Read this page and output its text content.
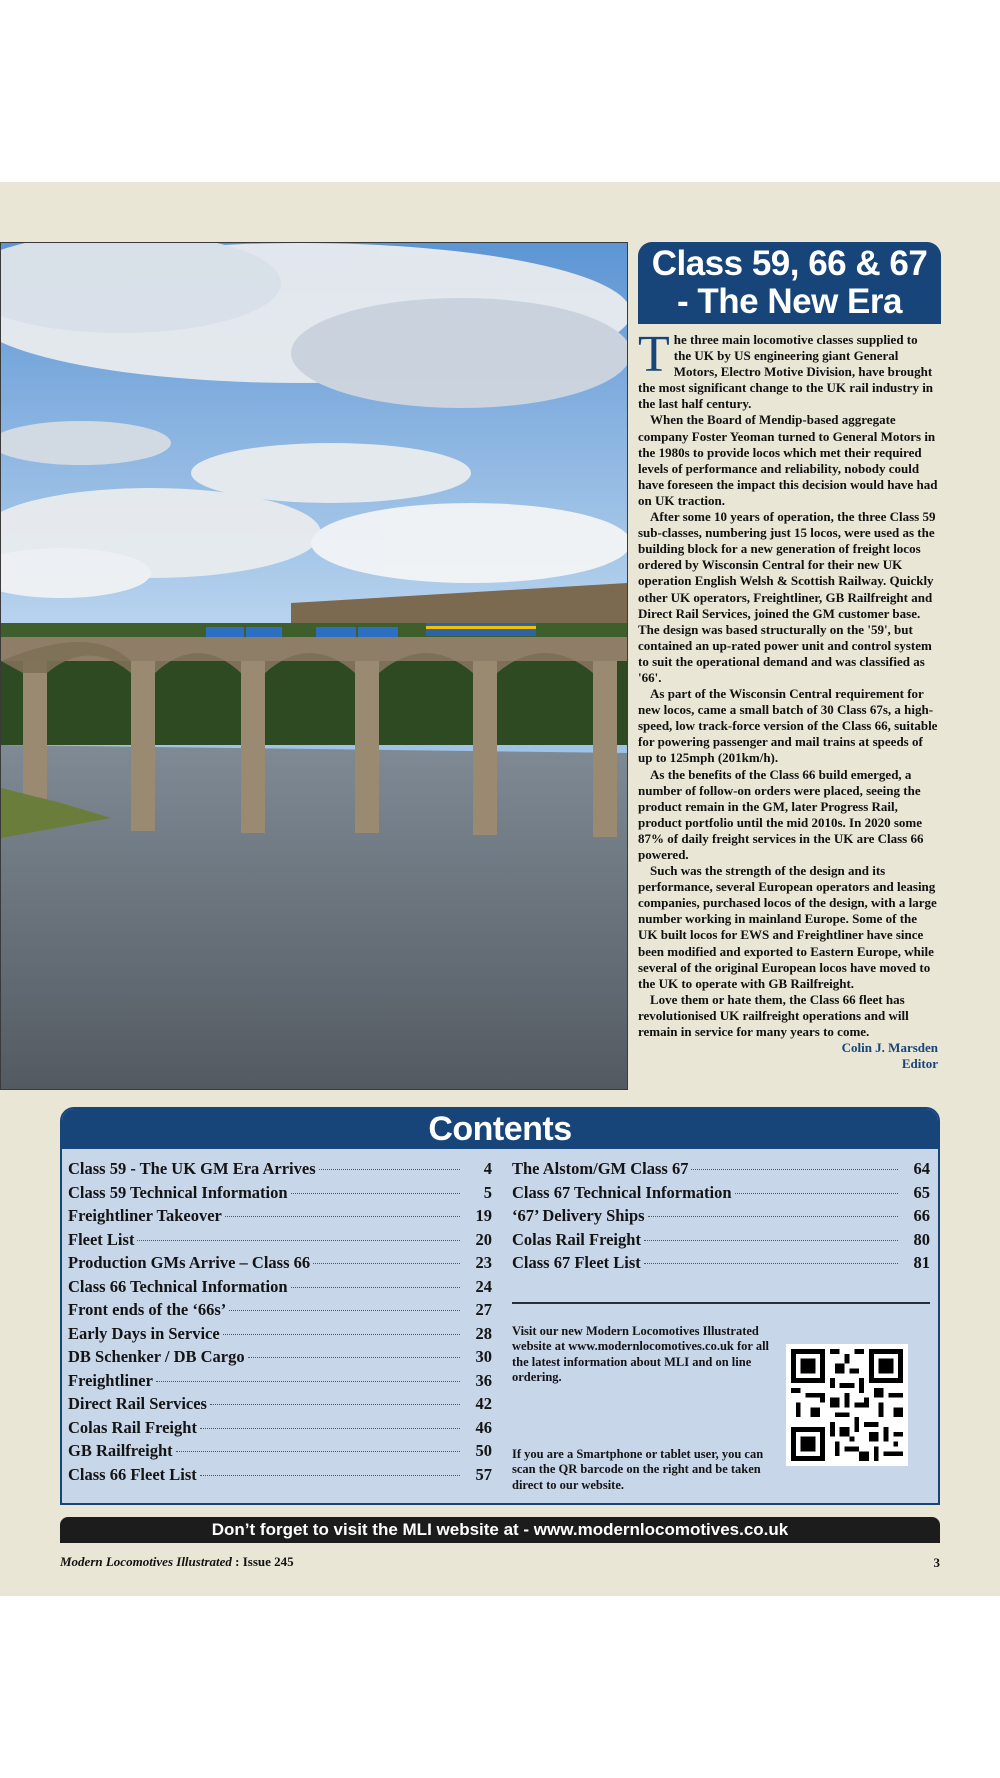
Class 59, 66 & 67
- The New Era

The three main locomotive classes supplied to the UK by US engineering giant General Motors, Electro Motive Division, have brought the most significant change to the UK rail industry in the last half century.

When the Board of Mendip-based aggregate company Foster Yeoman turned to General Motors in the 1980s to provide locos which met their required levels of performance and reliability, nobody could have foreseen the impact this decision would have had on UK traction.

After some 10 years of operation, the three Class 59 sub-classes, numbering just 15 locos, were used as the building block for a new generation of freight locos ordered by Wisconsin Central for their new UK operation English Welsh & Scottish Railway. Quickly other UK operators, Freightliner, GB Railfreight and Direct Rail Services, joined the GM customer base. The design was based structurally on the '59', but contained an up-rated power unit and control system to suit the operational demand and was classified as '66'.

As part of the Wisconsin Central requirement for new locos, came a small batch of 30 Class 67s, a high-speed, low track-force version of the Class 66, suitable for powering passenger and mail trains at speeds of up to 125mph (201km/h).

As the benefits of the Class 66 build emerged, a number of follow-on orders were placed, seeing the product remain in the GM, later Progress Rail, product portfolio until the mid 2010s. In 2020 some 87% of daily freight services in the UK are Class 66 powered.

Such was the strength of the design and its performance, several European operators and leasing companies, purchased locos of the design, with a large number working in mainland Europe. Some of the UK built locos for EWS and Freightliner have since been modified and exported to Eastern Europe, while several of the original European locos have moved to the UK to operate with GB Railfreight.

Love them or hate them, the Class 66 fleet has revolutionised UK railfreight operations and will remain in service for many years to come.

Colin J. Marsden
Editor
Contents
Class 59 - The UK GM Era Arrives	4
Class 59 Technical Information	5
Freightliner Takeover	19
Fleet List	20
Production GMs Arrive – Class 66	23
Class 66 Technical Information	24
Front ends of the ‘66s’	27
Early Days in Service	28
DB Schenker / DB Cargo	30
Freightliner	36
Direct Rail Services	42
Colas Rail Freight	46
GB Railfreight	50
Class 66 Fleet List	57
The Alstom/GM Class 67	64
Class 67 Technical Information	65
‘67’ Delivery Ships	66
Colas Rail Freight	80
Class 67 Fleet List	81
Visit our new Modern Locomotives Illustrated website at www.modernlocomotives.co.uk for all the latest information about MLI and on line ordering.
If you are a Smartphone or tablet user, you can scan the QR barcode on the right and be taken direct to our website.
Don’t forget to visit the MLI website at - www.modernlocomotives.co.uk
Modern Locomotives Illustrated : Issue 245	3
